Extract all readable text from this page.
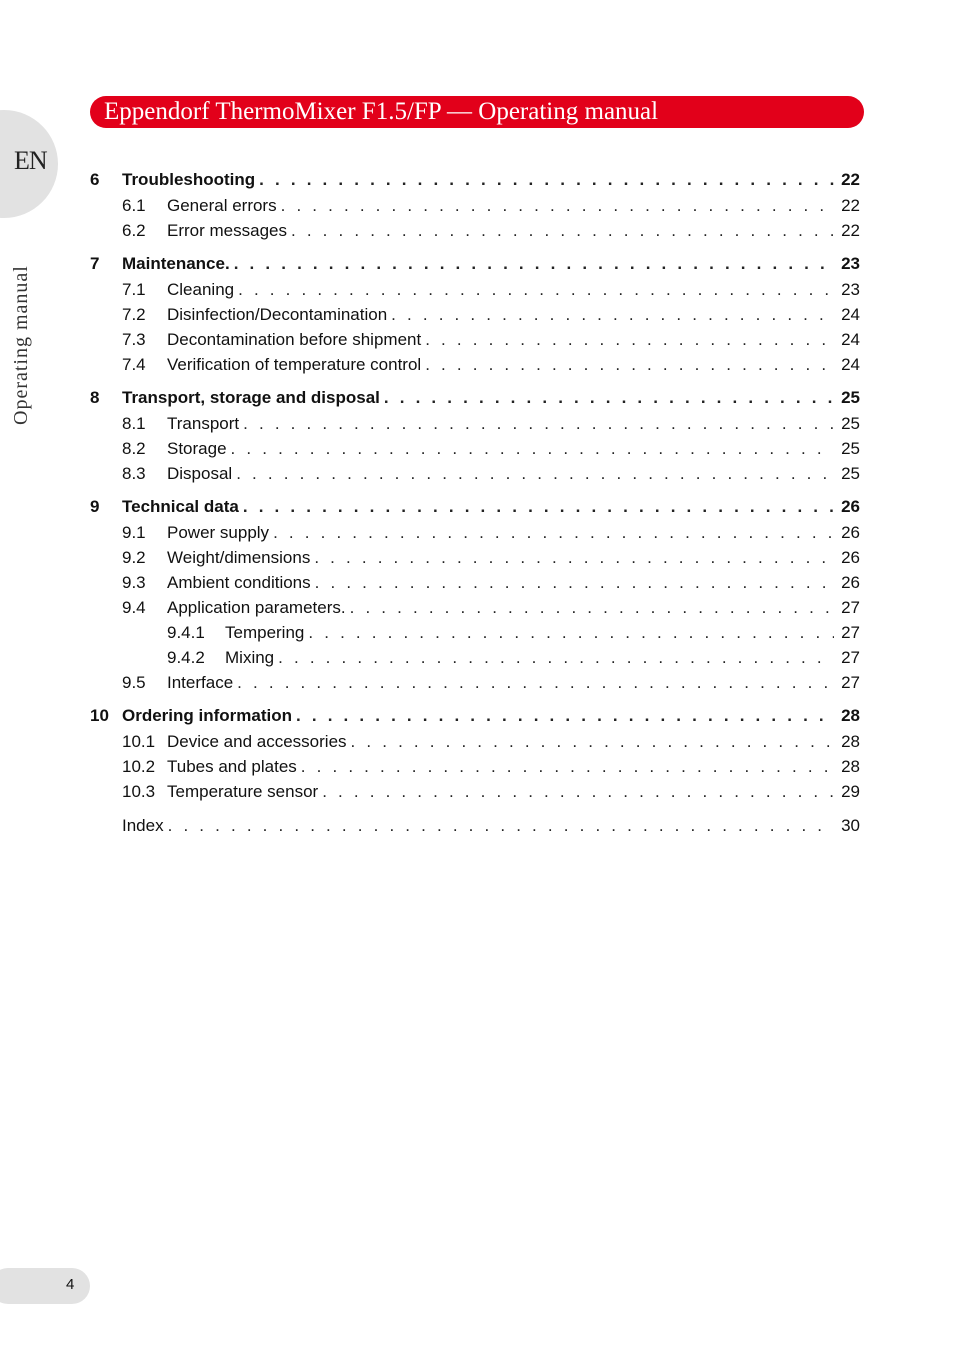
EN
Operating manual
Eppendorf ThermoMixer F1.5/FP — Operating manual
6	Troubleshooting . . .	22
6.1	General errors . . .	22
6.2	Error messages . . .	22
7	Maintenance. . . .	23
7.1	Cleaning . . .	23
7.2	Disinfection/Decontamination . . .	24
7.3	Decontamination before shipment . . .	24
7.4	Verification of temperature control . . .	24
8	Transport, storage and disposal . . .	25
8.1	Transport . . .	25
8.2	Storage . . .	25
8.3	Disposal . . .	25
9	Technical data . . .	26
9.1	Power supply . . .	26
9.2	Weight/dimensions . . .	26
9.3	Ambient conditions . . .	26
9.4	Application parameters. . . .	27
9.4.1	Tempering . . .	27
9.4.2	Mixing . . .	27
9.5	Interface . . .	27
10 Ordering information . . .	28
10.1 Device and accessories . . .	28
10.2 Tubes and plates . . .	28
10.3 Temperature sensor . . .	29
Index . . .	30
4
